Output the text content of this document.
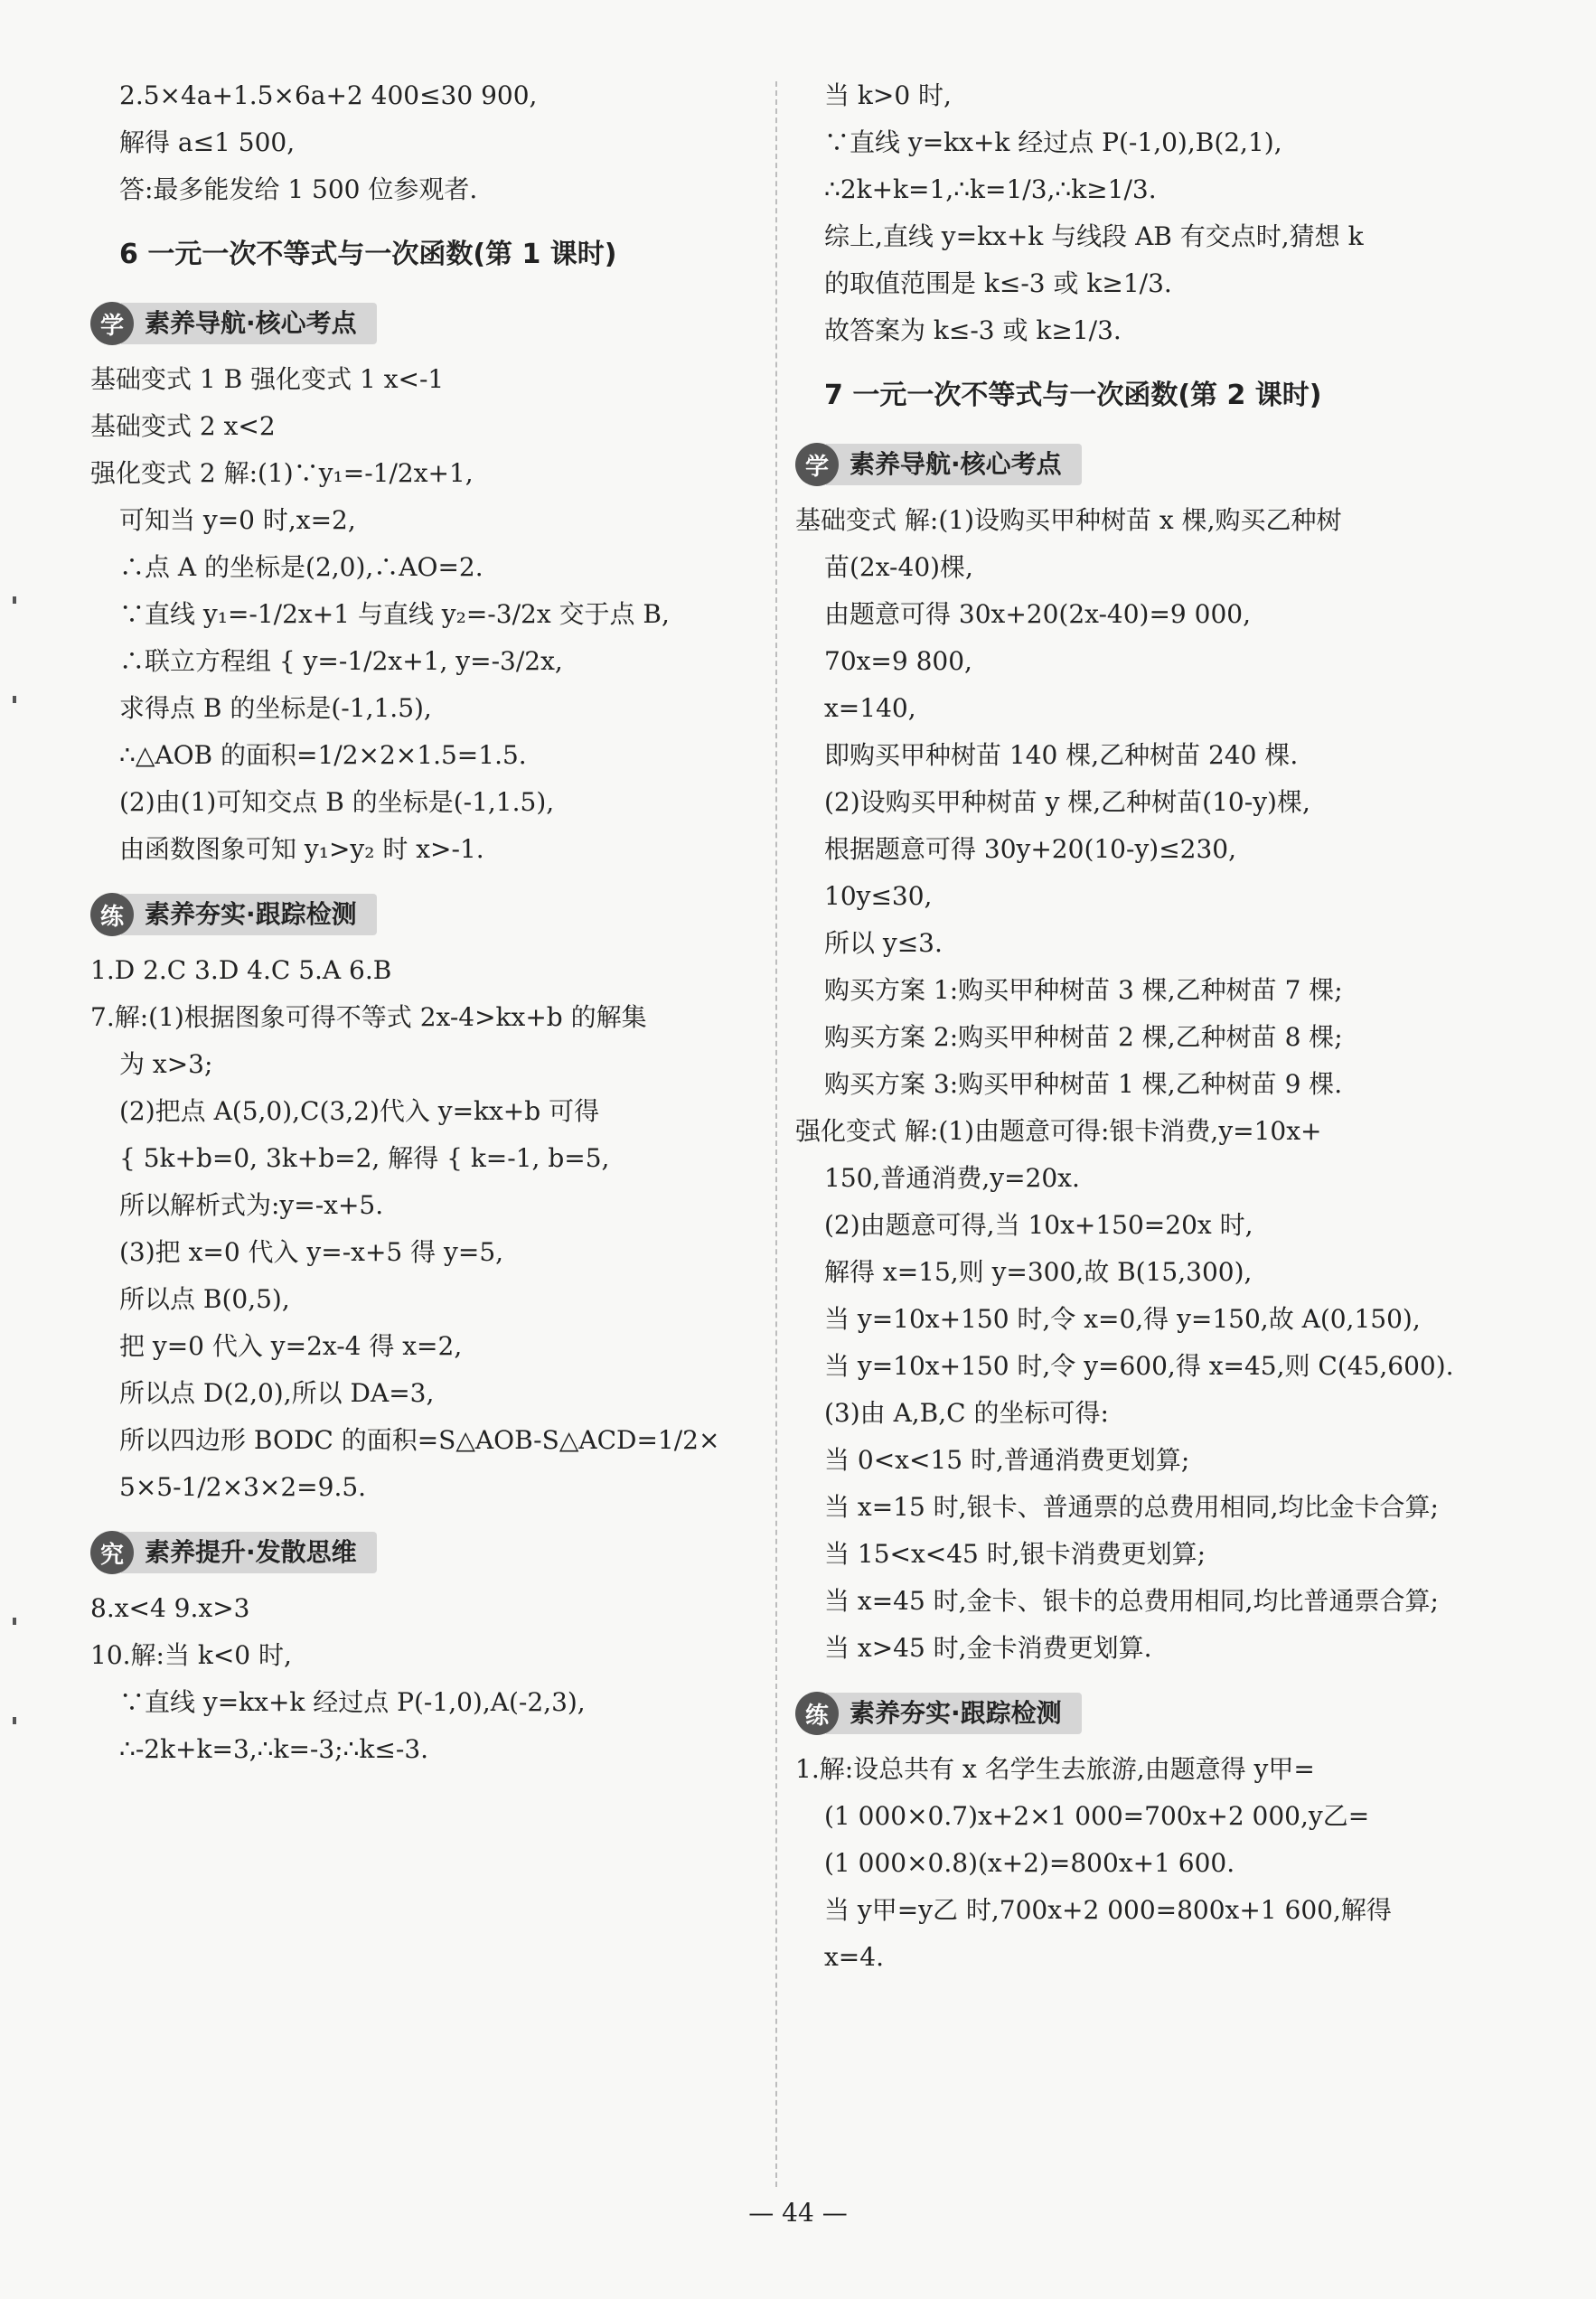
2.5×4a+1.5×6a+2 400≤30 900,
解得 a≤1 500,
答:最多能发给 1 500 位参观者.
6 一元一次不等式与一次函数(第 1 课时)
学 素养导航·核心考点
基础变式 1 B 强化变式 1 x<-1
基础变式 2 x<2
强化变式 2 解:(1)∵y₁=-1/2x+1,
可知当 y=0 时,x=2,
∴点 A 的坐标是(2,0),∴AO=2.
∵直线 y₁=-1/2x+1 与直线 y₂=-3/2x 交于点 B,
∴联立方程组 { y=-1/2x+1, y=-3/2x,
求得点 B 的坐标是(-1,1.5),
∴△AOB 的面积=1/2×2×1.5=1.5.
(2)由(1)可知交点 B 的坐标是(-1,1.5),
由函数图象可知 y₁>y₂ 时 x>-1.
练 素养夯实·跟踪检测
1.D 2.C 3.D 4.C 5.A 6.B
7.解:(1)根据图象可得不等式 2x-4>kx+b 的解集
为 x>3;
(2)把点 A(5,0),C(3,2)代入 y=kx+b 可得
{ 5k+b=0, 3k+b=2, 解得 { k=-1, b=5,
所以解析式为:y=-x+5.
(3)把 x=0 代入 y=-x+5 得 y=5,
所以点 B(0,5),
把 y=0 代入 y=2x-4 得 x=2,
所以点 D(2,0),所以 DA=3,
所以四边形 BODC 的面积=S△AOB-S△ACD=1/2×
5×5-1/2×3×2=9.5.
究 素养提升·发散思维
8.x<4 9.x>3
10.解:当 k<0 时,
∵直线 y=kx+k 经过点 P(-1,0),A(-2,3),
∴-2k+k=3,∴k=-3;∴k≤-3.
当 k>0 时,
∵直线 y=kx+k 经过点 P(-1,0),B(2,1),
∴2k+k=1,∴k=1/3,∴k≥1/3.
综上,直线 y=kx+k 与线段 AB 有交点时,猜想 k
的取值范围是 k≤-3 或 k≥1/3.
故答案为 k≤-3 或 k≥1/3.
7 一元一次不等式与一次函数(第 2 课时)
学 素养导航·核心考点
基础变式 解:(1)设购买甲种树苗 x 棵,购买乙种树
苗(2x-40)棵,
由题意可得 30x+20(2x-40)=9 000,
70x=9 800,
x=140,
即购买甲种树苗 140 棵,乙种树苗 240 棵.
(2)设购买甲种树苗 y 棵,乙种树苗(10-y)棵,
根据题意可得 30y+20(10-y)≤230,
10y≤30,
所以 y≤3.
购买方案 1:购买甲种树苗 3 棵,乙种树苗 7 棵;
购买方案 2:购买甲种树苗 2 棵,乙种树苗 8 棵;
购买方案 3:购买甲种树苗 1 棵,乙种树苗 9 棵.
强化变式 解:(1)由题意可得:银卡消费,y=10x+
150,普通消费,y=20x.
(2)由题意可得,当 10x+150=20x 时,
解得 x=15,则 y=300,故 B(15,300),
当 y=10x+150 时,令 x=0,得 y=150,故 A(0,150),
当 y=10x+150 时,令 y=600,得 x=45,则 C(45,600).
(3)由 A,B,C 的坐标可得:
当 0<x<15 时,普通消费更划算;
当 x=15 时,银卡、普通票的总费用相同,均比金卡合算;
当 15<x<45 时,银卡消费更划算;
当 x=45 时,金卡、银卡的总费用相同,均比普通票合算;
当 x>45 时,金卡消费更划算.
练 素养夯实·跟踪检测
1.解:设总共有 x 名学生去旅游,由题意得 y甲=
(1 000×0.7)x+2×1 000=700x+2 000,y乙=
(1 000×0.8)(x+2)=800x+1 600.
当 y甲=y乙 时,700x+2 000=800x+1 600,解得
x=4.
— 44 —
